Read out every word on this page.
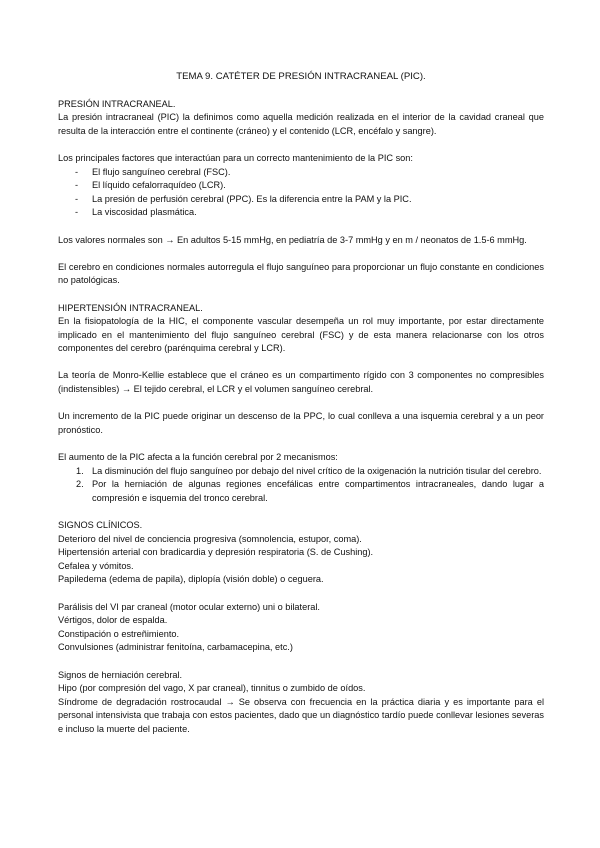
TEMA 9. CATÉTER DE PRESIÓN INTRACRANEAL (PIC).

PRESIÓN INTRACRANEAL.

La presión intracraneal (PIC) la definimos como aquella medición realizada en el interior de la cavidad craneal que resulta de la interacción entre el continente (cráneo) y el contenido (LCR, encéfalo y sangre).

Los principales factores que interactúan para un correcto mantenimiento de la PIC son:

- El flujo sanguíneo cerebral (FSC).
- El líquido cefalorraquídeo (LCR).
- La presión de perfusión cerebral (PPC). Es la diferencia entre la PAM y la PIC.
- La viscosidad plasmática.

Los valores normales son → En adultos 5-15 mmHg, en pediatría de 3-7 mmHg y en m / neonatos de 1.5-6 mmHg.

El cerebro en condiciones normales autorregula el flujo sanguíneo para proporcionar un flujo constante en condiciones no patológicas.

HIPERTENSIÓN INTRACRANEAL.

En la fisiopatología de la HIC, el componente vascular desempeña un rol muy importante, por estar directamente implicado en el mantenimiento del flujo sanguíneo cerebral (FSC) y de esta manera relacionarse con los otros componentes del cerebro (parénquima cerebral y LCR).

La teoría de Monro-Kellie establece que el cráneo es un compartimento rígido con 3 componentes no compresibles (indistensibles) → El tejido cerebral, el LCR y el volumen sanguíneo cerebral.

Un incremento de la PIC puede originar un descenso de la PPC, lo cual conlleva a una isquemia cerebral y a un peor pronóstico.

El aumento de la PIC afecta a la función cerebral por 2 mecanismos:

1. La disminución del flujo sanguíneo por debajo del nivel crítico de la oxigenación la nutrición tisular del cerebro.
2. Por la herniación de algunas regiones encefálicas entre compartimentos intracraneales, dando lugar a compresión e isquemia del tronco cerebral.

SIGNOS CLÍNICOS.

Deterioro del nivel de conciencia progresiva (somnolencia, estupor, coma).

Hipertensión arterial con bradicardia y depresión respiratoria (S. de Cushing).

Cefalea y vómitos.

Papiledema (edema de papila), diplopía (visión doble) o ceguera.

Parálisis del VI par craneal (motor ocular externo) uni o bilateral.

Vértigos, dolor de espalda.

Constipación o estreñimiento.

Convulsiones (administrar fenitoína, carbamacepina, etc.)

Signos de herniación cerebral.

Hipo (por compresión del vago, X par craneal), tinnitus o zumbido de oídos.

Síndrome de degradación rostrocaudal → Se observa con frecuencia en la práctica diaria y es importante para el personal intensivista que trabaja con estos pacientes, dado que un diagnóstico tardío puede conllevar lesiones severas e incluso la muerte del paciente.
